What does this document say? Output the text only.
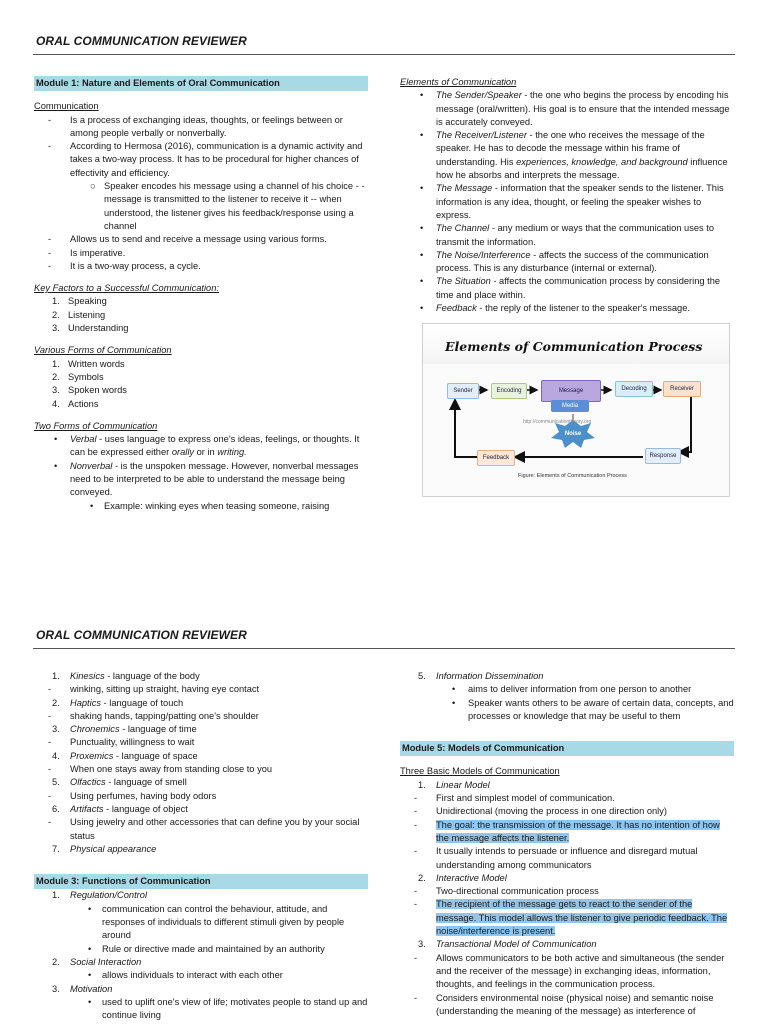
ORAL COMMUNICATION REVIEWER
Module 1: Nature and Elements of Oral Communication
Communication
-	Is a process of exchanging ideas, thoughts, or feelings between or among people verbally or nonverbally.
-	According to Hermosa (2016), communication is a dynamic activity and takes a two-way process. It has to be procedural for higher chances of effectivity and efficiency.
○ Speaker encodes his message using a channel of his choice - - message is transmitted to the listener to receive it -- when understood, the listener gives his feedback/response using a channel
-	Allows us to send and receive a message using various forms.
-	Is imperative.
-	It is a two-way process, a cycle.
Key Factors to a Successful Communication:
1. Speaking
2. Listening
3. Understanding
Various Forms of Communication
1. Written words
2. Symbols
3. Spoken words
4. Actions
Two Forms of Communication
•	Verbal - uses language to express one's ideas, feelings, or thoughts. It can be expressed either orally or in writing.
•	Nonverbal - is the unspoken message. However, nonverbal messages need to be interpreted to be able to understand the message being conveyed.
•	Example: winking eyes when teasing someone, raising
Elements of Communication
•	The Sender/Speaker - the one who begins the process by encoding his message (oral/written). His goal is to ensure that the intended message is accurately conveyed.
•	The Receiver/Listener - the one who receives the message of the speaker. He has to decode the message within his frame of understanding. His experiences, knowledge, and background influence how he absorbs and interprets the message.
•	The Message - information that the speaker sends to the listener. This information is any idea, thought, or feeling the speaker wishes to express.
•	The Channel - any medium or ways that the communication uses to transmit the information.
•	The Noise/Interference - affects the success of the communication process. This is any disturbance (internal or external).
•	The Situation - affects the communication process by considering the time and place within.
•	Feedback - the reply of the listener to the speaker's message.
Elements of Communication Process
Sender	Encoding	Message
Media
Decoding	Receiver
Noise
Feedback	Response
http://communicationtheory.org
Figure: Elements of Communication Process
ORAL COMMUNICATION REVIEWER
1.	Kinesics - language of the body
-	winking, sitting up straight, having eye contact
2.	Haptics - language of touch
-	shaking hands, tapping/patting one's shoulder
3.	Chronemics - language of time
-	Punctuality, willingness to wait
4.	Proxemics - language of space
-	When one stays away from standing close to you
5.	Olfactics - language of smell
-	Using perfumes, having body odors
6.	Artifacts - language of object
-	Using jewelry and other accessories that can define you by your social status
7.	Physical appearance
Module 3: Functions of Communication
1.	Regulation/Control
•	communication can control the behaviour, attitude, and responses of individuals to different stimuli given by people around
•	Rule or directive made and maintained by an authority
2.	Social Interaction
•	allows individuals to interact with each other
3.	Motivation
•	used to uplift one's view of life; motivates people to stand up and continue living
5.	Information Dissemination
•	aims to deliver information from one person to another
•	Speaker wants others to be aware of certain data, concepts, and processes or knowledge that may be useful to them
Module 5: Models of Communication
Three Basic Models of Communication
1.	Linear Model
-	First and simplest model of communication.
-	Unidirectional (moving the process in one direction only)
-	The goal: the transmission of the message. It has no intention of how the message affects the listener.
-	It usually intends to persuade or influence and disregard mutual understanding among communicators
2.	Interactive Model
-	Two-directional communication process
-	The recipient of the message gets to react to the sender of the message. This model allows the listener to give periodic feedback. The noise/interference is present.
3.	Transactional Model of Communication
-	Allows communicators to be both active and simultaneous (the sender and the receiver of the message) in exchanging ideas, information, thoughts, and feelings in the communication process.
-	Considers environmental noise (physical noise) and semantic noise (understanding the meaning of the message) as interference of
